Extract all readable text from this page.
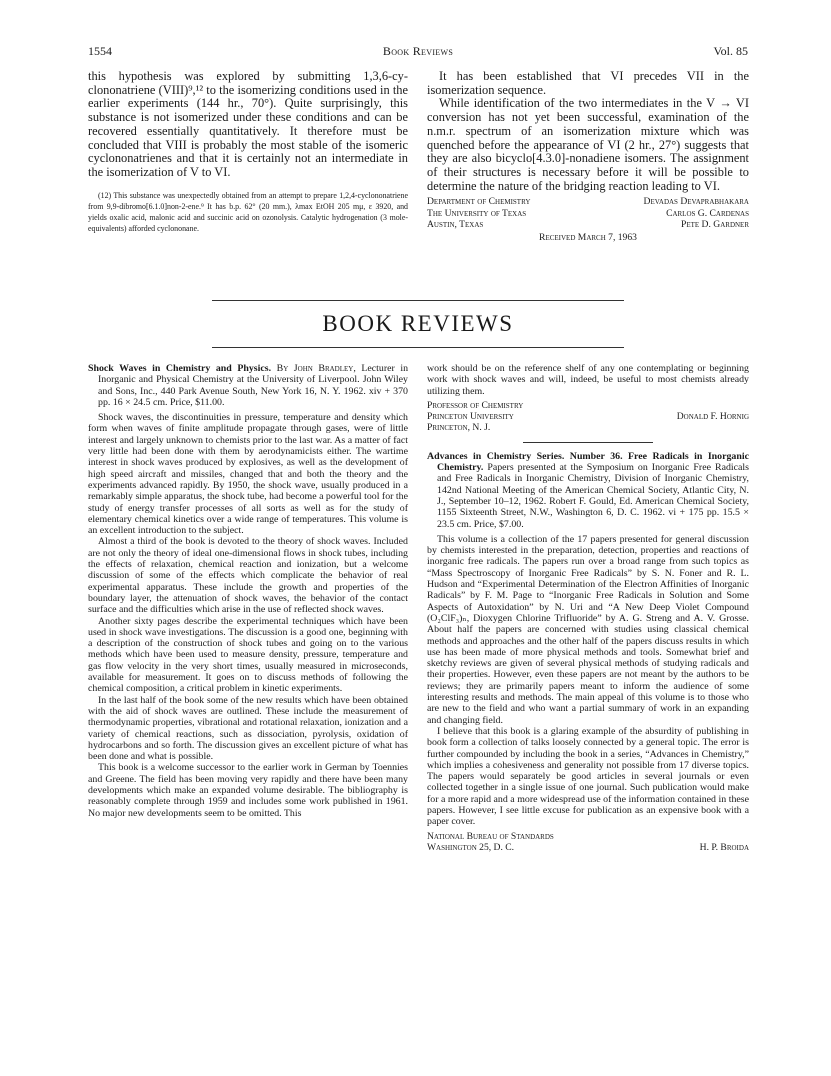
1554	Book Reviews	Vol. 85

this hypothesis was explored by submitting 1,3,6-cy-clononatriene (VIII)⁹,¹² to the isomerizing conditions used in the earlier experiments (144 hr., 70°). Quite surprisingly, this substance is not isomerized under these conditions and can be recovered essentially quantitatively. It therefore must be concluded that VIII is probably the most stable of the isomeric cyclononatrienes and that it is certainly not an intermediate in the isomerization of V to VI.

(12) This substance was unexpectedly obtained from an attempt to prepare 1,2,4-cyclononatriene from 9,9-dibromo[6.1.0]non-2-ene.⁹ It has b.p. 62° (20 mm.), λmax EtOH 205 mμ, ε 3920, and yields oxalic acid, malonic acid and succinic acid on ozonolysis. Catalytic hydrogenation (3 mole-equivalents) afforded cyclononane.

It has been established that VI precedes VII in the isomerization sequence.

While identification of the two intermediates in the V → VI conversion has not yet been successful, examination of the n.m.r. spectrum of an isomerization mixture which was quenched before the appearance of VI (2 hr., 27°) suggests that they are also bicyclo[4.3.0]-nonadiene isomers. The assignment of their structures is necessary before it will be possible to determine the nature of the bridging reaction leading to VI.

Department of Chemistry	Devadas Devaprabhakara
The University of Texas	Carlos G. Cardenas
Austin, Texas	Pete D. Gardner
Received March 7, 1963
BOOK REVIEWS
Shock Waves in Chemistry and Physics. By John Bradley, Lecturer in Inorganic and Physical Chemistry at the University of Liverpool. John Wiley and Sons, Inc., 440 Park Avenue South, New York 16, N. Y. 1962. xiv + 370 pp. 16 × 24.5 cm. Price, $11.00.

Shock waves, the discontinuities in pressure, temperature and density which form when waves of finite amplitude propagate through gases, were of little interest and largely unknown to chemists prior to the last war. As a matter of fact very little had been done with them by aerodynamicists either. The wartime interest in shock waves produced by explosives, as well as the development of high speed aircraft and missiles, changed that and both the theory and the experiments advanced rapidly. By 1950, the shock wave, usually produced in a remarkably simple apparatus, the shock tube, had become a powerful tool for the study of energy transfer processes of all sorts as well as for the study of elementary chemical kinetics over a wide range of temperatures. This volume is an excellent introduction to the subject.

Almost a third of the book is devoted to the theory of shock waves. Included are not only the theory of ideal one-dimensional flows in shock tubes, including the effects of relaxation, chemical reaction and ionization, but a welcome discussion of some of the effects which complicate the behavior of real experimental apparatus. These include the growth and properties of the boundary layer, the attenuation of shock waves, the behavior of the contact surface and the difficulties which arise in the use of reflected shock waves.

Another sixty pages describe the experimental techniques which have been used in shock wave investigations. The discussion is a good one, beginning with a description of the construction of shock tubes and going on to the various methods which have been used to measure density, pressure, temperature and gas flow velocity in the very short times, usually measured in microseconds, available for measurement. It goes on to discuss methods of following the chemical composition, a critical problem in kinetic experiments.

In the last half of the book some of the new results which have been obtained with the aid of shock waves are outlined. These include the measurement of thermodynamic properties, vibrational and rotational relaxation, ionization and a variety of chemical reactions, such as dissociation, pyrolysis, oxidation of hydrocarbons and so forth. The discussion gives an excellent picture of what has been done and what is possible.

This book is a welcome successor to the earlier work in German by Toennies and Greene. The field has been moving very rapidly and there have been many developments which make an expanded volume desirable. The bibliography is reasonably complete through 1959 and includes some work published in 1961. No major new developments seem to be omitted. This

work should be on the reference shelf of any one contemplating or beginning work with shock waves and will, indeed, be useful to most chemists already utilizing them.

Professor of Chemistry
Princeton University	Donald F. Hornig
Princeton, N. J.
Advances in Chemistry Series. Number 36. Free Radicals in Inorganic Chemistry. Papers presented at the Symposium on Inorganic Free Radicals and Free Radicals in Inorganic Chemistry, Division of Inorganic Chemistry, 142nd National Meeting of the American Chemical Society, Atlantic City, N. J., September 10–12, 1962. Robert F. Gould, Ed. American Chemical Society, 1155 Sixteenth Street, N.W., Washington 6, D. C. 1962. vi + 175 pp. 15.5 × 23.5 cm. Price, $7.00.

This volume is a collection of the 17 papers presented for general discussion by chemists interested in the preparation, detection, properties and reactions of inorganic free radicals. The papers run over a broad range from such topics as “Mass Spectroscopy of Inorganic Free Radicals” by S. N. Foner and R. L. Hudson and “Experimental Determination of the Electron Affinities of Inorganic Radicals” by F. M. Page to “Inorganic Free Radicals in Solution and Some Aspects of Autoxidation” by N. Uri and “A New Deep Violet Compound (O₂ClF₃)ₙ, Dioxygen Chlorine Trifluoride” by A. G. Streng and A. V. Grosse. About half the papers are concerned with studies using classical chemical methods and approaches and the other half of the papers discuss results in which use has been made of more physical methods and tools. Somewhat brief and sketchy reviews are given of several physical methods of studying radicals and their properties. However, even these papers are not meant by the authors to be reviews; they are primarily papers meant to inform the audience of some interesting results and methods. The main appeal of this volume is to those who are new to the field and who want a partial summary of work in an expanding and changing field.

I believe that this book is a glaring example of the absurdity of publishing in book form a collection of talks loosely connected by a general topic. The error is further compounded by including the book in a series, “Advances in Chemistry,” which implies a cohesiveness and generality not possible from 17 diverse topics. The papers would separately be good articles in several journals or even collected together in a single issue of one journal. Such publication would make for a more rapid and a more widespread use of the information contained in these papers. However, I see little excuse for publication as an expensive book with a paper cover.

National Bureau of Standards
Washington 25, D. C.	H. P. Broida
